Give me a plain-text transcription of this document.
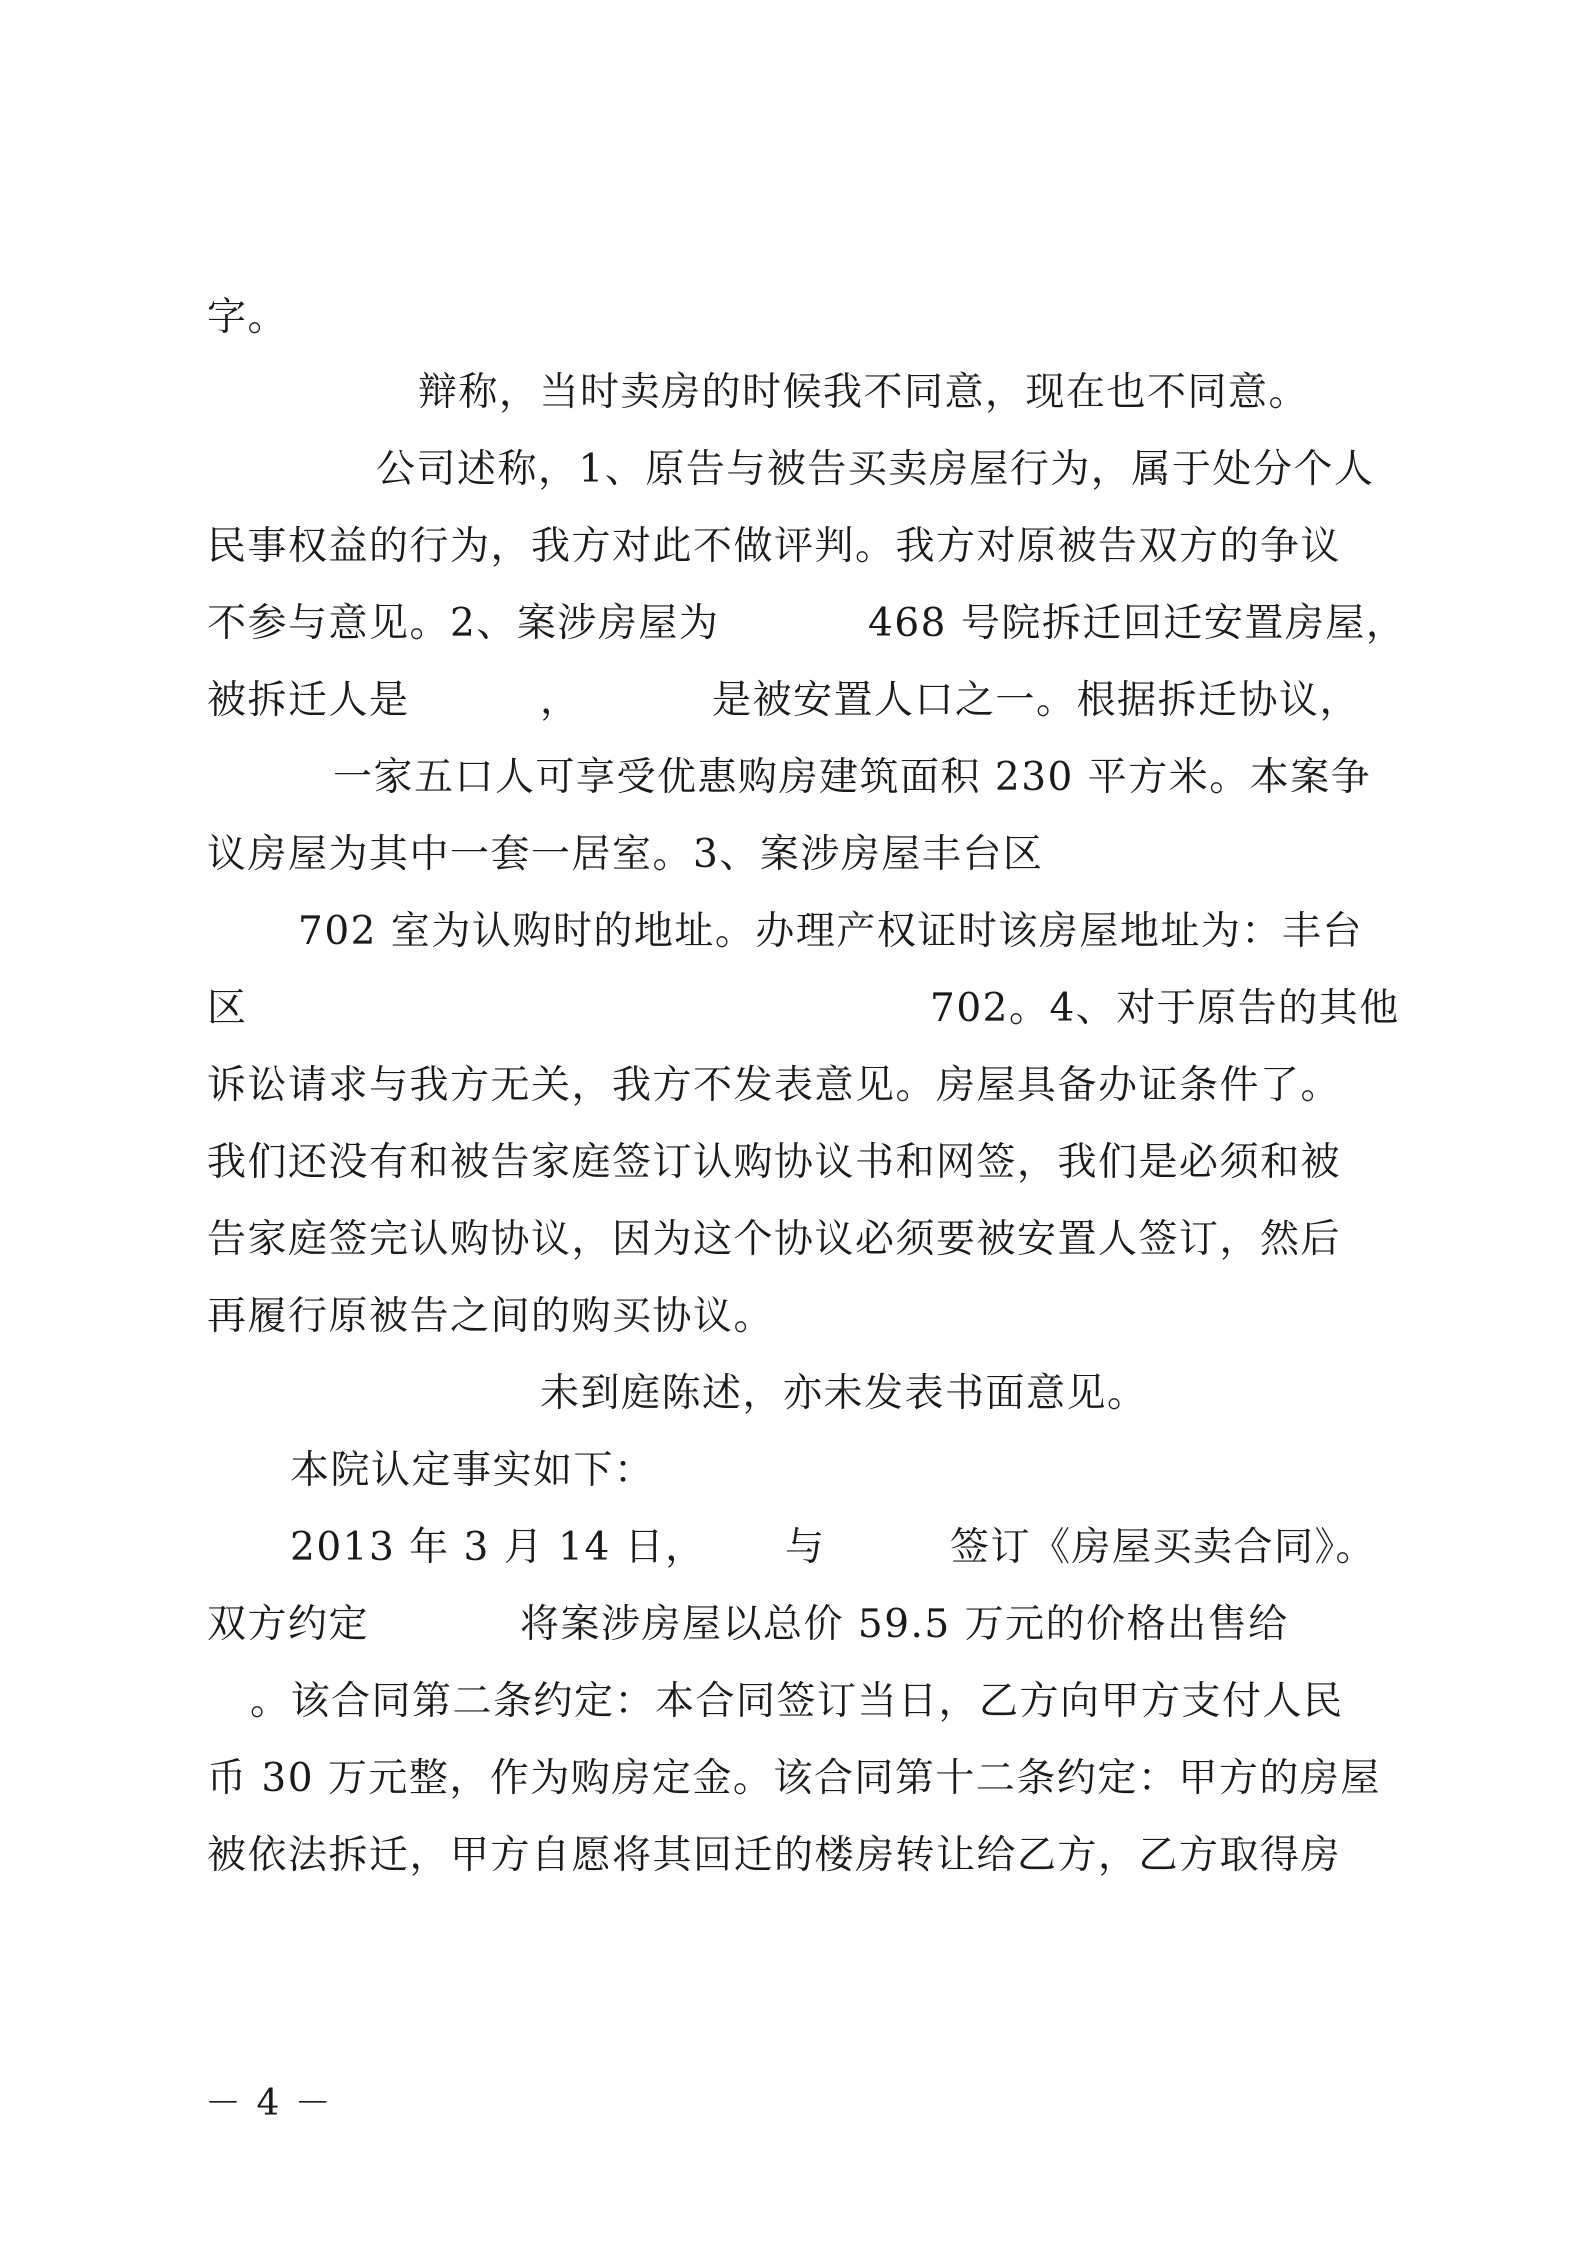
字。
辩称，当时卖房的时候我不同意，现在也不同意。
公司述称，1、原告与被告买卖房屋行为，属于处分个人
民事权益的行为，我方对此不做评判。我方对原被告双方的争议
不参与意见。2、案涉房屋为	468 号院拆迁回迁安置房屋，
被拆迁人是	，	是被安置人口之一。根据拆迁协议，
一家五口人可享受优惠购房建筑面积 230 平方米。本案争
议房屋为其中一套一居室。3、案涉房屋丰台区
702 室为认购时的地址。办理产权证时该房屋地址为：丰台
区	702。4、对于原告的其他
诉讼请求与我方无关，我方不发表意见。房屋具备办证条件了。
我们还没有和被告家庭签订认购协议书和网签，我们是必须和被
告家庭签完认购协议，因为这个协议必须要被安置人签订，然后
再履行原被告之间的购买协议。
未到庭陈述，亦未发表书面意见。
本院认定事实如下：
2013 年 3 月 14 日， 与	签订《房屋买卖合同》。
双方约定	将案涉房屋以总价 59.5 万元的价格出售给
。该合同第二条约定：本合同签订当日，乙方向甲方支付人民
币 30 万元整，作为购房定金。该合同第十二条约定：甲方的房屋
被依法拆迁，甲方自愿将其回迁的楼房转让给乙方，乙方取得房
－ 4 －
